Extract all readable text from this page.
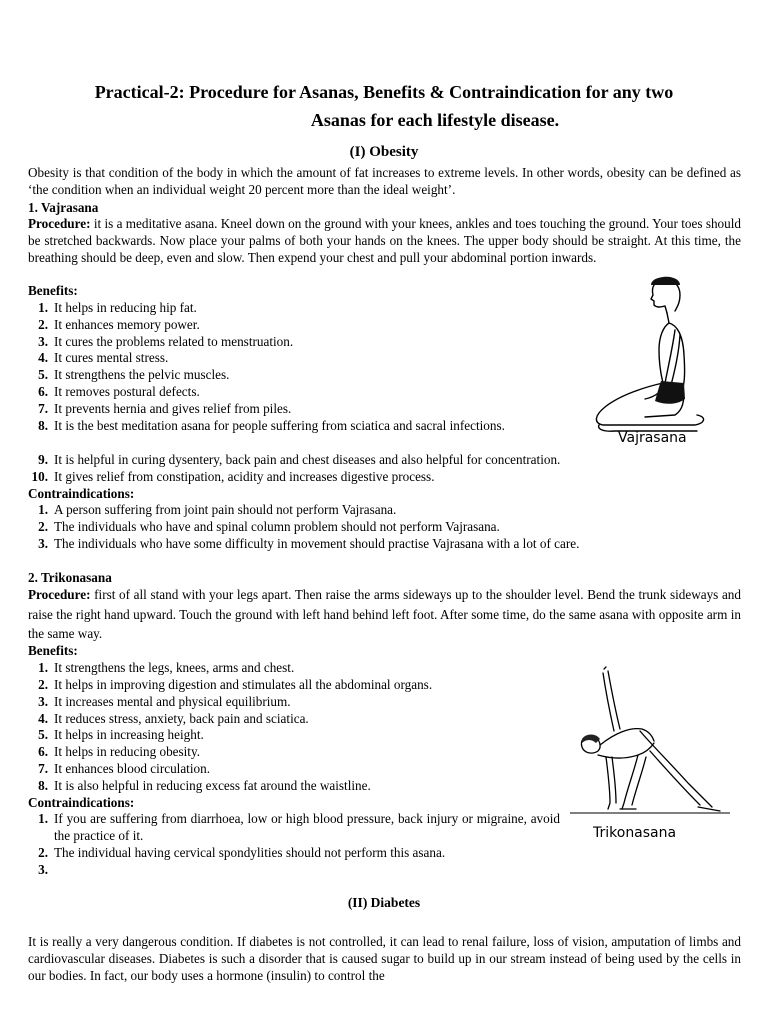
Practical-2: Procedure for Asanas, Benefits & Contraindication for any two
Asanas for each lifestyle disease.
(I) Obesity
Obesity is that condition of the body in which the amount of fat increases to extreme levels. In other words, obesity can be defined as ‘the condition when an individual weight 20 percent more than the ideal weight’.
1. Vajrasana
Procedure: it is a meditative asana. Kneel down on the ground with your knees, ankles and toes touching the ground. Your toes should be stretched backwards. Now place your palms of both your hands on the knees. The upper body should be straight. At this time, the breathing should be deep, even and slow. Then expend your chest and pull your abdominal portion inwards.
Benefits:
1. It helps in reducing hip fat.
2. It enhances memory power.
3. It cures the problems related to menstruation.
4. It cures mental stress.
5. It strengthens the pelvic muscles.
6. It removes postural defects.
7. It prevents hernia and gives relief from piles.
8. It is the best meditation asana for people suffering from sciatica and sacral infections.
9. It is helpful in curing dysentery, back pain and chest diseases and also helpful for concentration.
10. It gives relief from constipation, acidity and increases digestive process.
Contraindications:
1. A person suffering from joint pain should not perform Vajrasana.
2. The individuals who have and spinal column problem should not perform Vajrasana.
3. The individuals who have some difficulty in movement should practise Vajrasana with a lot of care.
Vajrasana
2. Trikonasana
Procedure: first of all stand with your legs apart. Then raise the arms sideways up to the shoulder level. Bend the trunk sideways and raise the right hand upward. Touch the ground with left hand behind left foot. After some time, do the same asana with opposite arm in the same way.
Benefits:
1. It strengthens the legs, knees, arms and chest.
2. It helps in improving digestion and stimulates all the abdominal organs.
3. It increases mental and physical equilibrium.
4. It reduces stress, anxiety, back pain and sciatica.
5. It helps in increasing height.
6. It helps in reducing obesity.
7. It enhances blood circulation.
8. It is also helpful in reducing excess fat around the waistline.
Contraindications:
1. If you are suffering from diarrhoea, low or high blood pressure, back injury or migraine, avoid the practice of it.
2. The individual having cervical spondylities should not perform this asana.
3.
Trikonasana
(II) Diabetes
It is really a very dangerous condition. If diabetes is not controlled, it can lead to renal failure, loss of vision, amputation of limbs and cardiovascular diseases. Diabetes is such a disorder that is caused sugar to build up in our stream instead of being used by the cells in our bodies. In fact, our body uses a hormone (insulin) to control the
